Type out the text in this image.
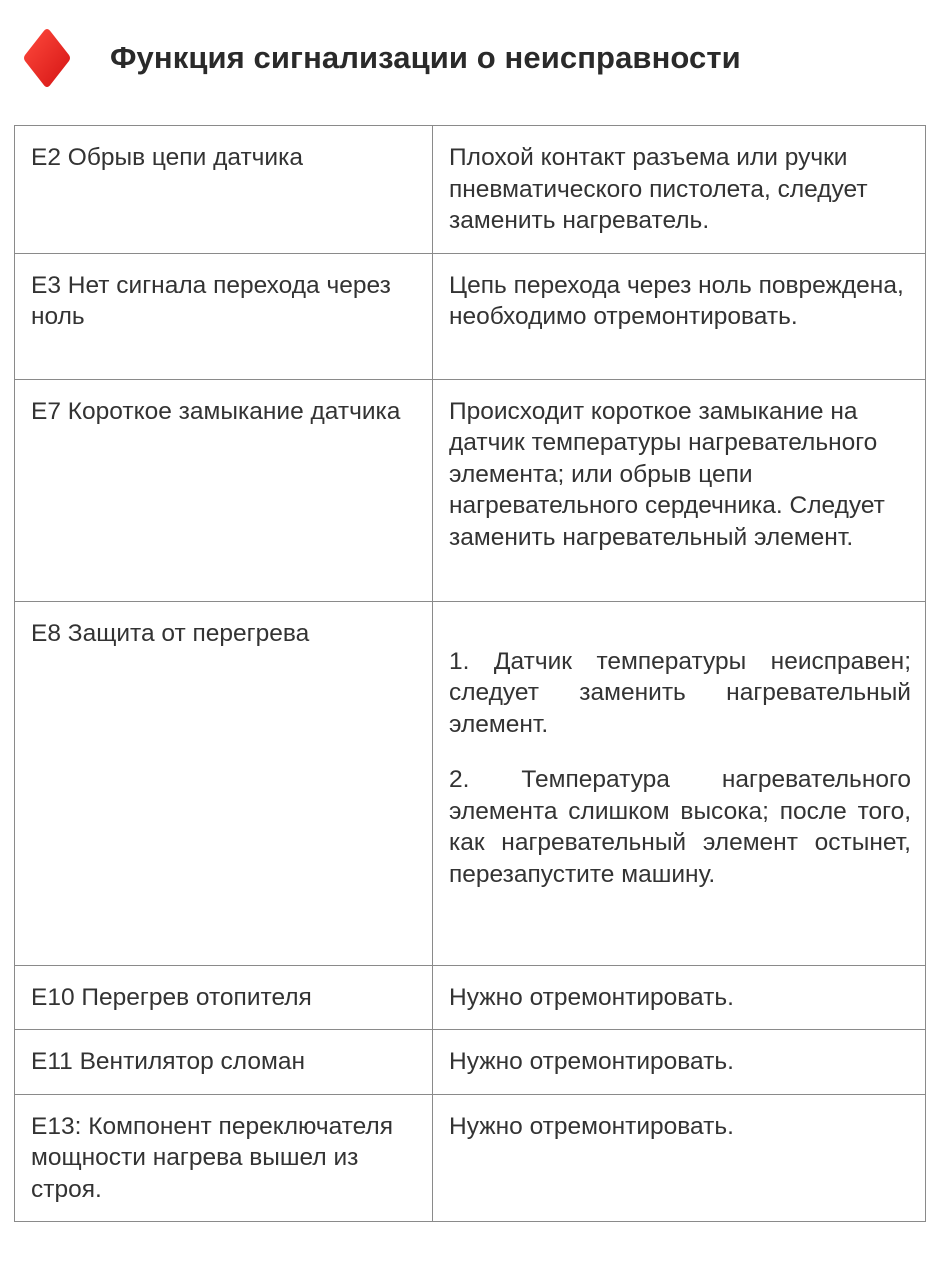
Функция сигнализации о неисправности
E2 Обрыв цепи датчика	Плохой контакт разъема или ручки пневматического пистолета, следует заменить нагреватель.
E3 Нет сигнала перехода через ноль	Цепь перехода через ноль повреждена, необходимо отремонтировать.
E7 Короткое замыкание датчика	Происходит короткое замыкание на датчик температуры нагревательного элемента; или обрыв цепи нагревательного сердечника. Следует заменить нагревательный элемент.
E8 Защита от перегрева	1. Датчик температуры неисправен; следует заменить нагревательный элемент.

2. Температура нагревательного элемента слишком высока; после того, как нагревательный элемент остынет, перезапустите машину.

E10 Перегрев отопителя	Нужно отремонтировать.
E11 Вентилятор сломан	Нужно отремонтировать.
E13: Компонент переключателя мощности нагрева вышел из строя.	Нужно отремонтировать.
